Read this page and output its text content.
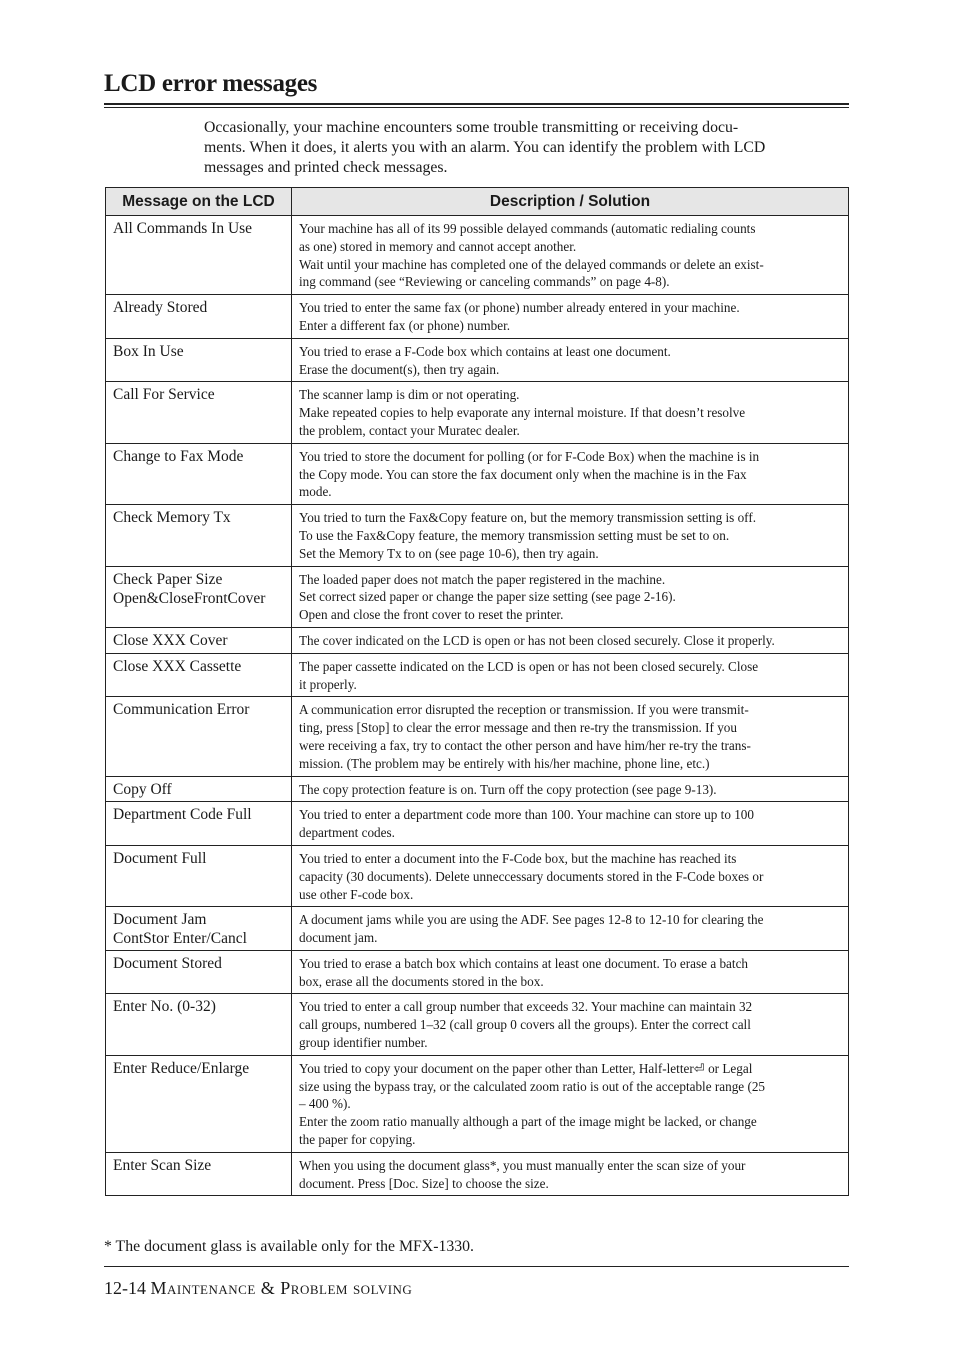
LCD error messages

Occasionally, your machine encounters some trouble transmitting or receiving docu-
ments. When it does, it alerts you with an alarm. You can identify the problem with LCD
messages and printed check messages.

Message on the LCD	Description / Solution

All Commands In Use	Your machine has all of its 99 possible delayed commands (automatic redialing counts
as one) stored in memory and cannot accept another.
Wait until your machine has completed one of the delayed commands or delete an exist-
ing command (see “Reviewing or canceling commands” on page 4-8).

Already Stored	You tried to enter the same fax (or phone) number already entered in your machine.
Enter a different fax (or phone) number.

Box In Use	You tried to erase a F-Code box which contains at least one document.
Erase the document(s), then try again.

Call For Service	The scanner lamp is dim or not operating.
Make repeated copies to help evaporate any internal moisture. If that doesn’t resolve
the problem, contact your Muratec dealer.

Change to Fax Mode	You tried to store the document for polling (or for F-Code Box) when the machine is in
the Copy mode. You can store the fax document only when the machine is in the Fax
mode.

Check Memory Tx	You tried to turn the Fax&Copy feature on, but the memory transmission setting is off.
To use the Fax&Copy feature, the memory transmission setting must be set to on.
Set the Memory Tx to on (see page 10-6), then try again.

Check Paper Size
Open&CloseFrontCover	The loaded paper does not match the paper registered in the machine.
Set correct sized paper or change the paper size setting (see page 2-16).
Open and close the front cover to reset the printer.

Close XXX Cover	The cover indicated on the LCD is open or has not been closed securely. Close it properly.

Close XXX Cassette	The paper cassette indicated on the LCD is open or has not been closed securely. Close
it properly.

Communication Error	A communication error disrupted the reception or transmission. If you were transmit-
ting, press [Stop] to clear the error message and then re-try the transmission. If you
were receiving a fax, try to contact the other person and have him/her re-try the trans-
mission. (The problem may be entirely with his/her machine, phone line, etc.)

Copy Off	The copy protection feature is on. Turn off the copy protection (see page 9-13).

Department Code Full	You tried to enter a department code more than 100. Your machine can store up to 100
department codes.

Document Full	You tried to enter a document into the F-Code box, but the machine has reached its
capacity (30 documents). Delete unneccessary documents stored in the F-Code boxes or
use other F-code box.

Document Jam
ContStor Enter/Cancl	A document jams while you are using the ADF. See pages 12-8 to 12-10 for clearing the
document jam.

Document Stored	You tried to erase a batch box which contains at least one document. To erase a batch
box, erase all the documents stored in the box.

Enter No. (0-32)	You tried to enter a call group number that exceeds 32. Your machine can maintain 32
call groups, numbered 1–32 (call group 0 covers all the groups). Enter the correct call
group identifier number.

Enter Reduce/Enlarge	You tried to copy your document on the paper other than Letter, Half-letter⏎ or Legal
size using the bypass tray, or the calculated zoom ratio is out of the acceptable range (25
– 400 %).
Enter the zoom ratio manually although a part of the image might be lacked, or change
the paper for copying.

Enter Scan Size	When you using the document glass*, you must manually enter the scan size of your
document. Press [Doc. Size] to choose the size.

* The document glass is available only for the MFX-1330.

12-14 Maintenance & Problem solving
